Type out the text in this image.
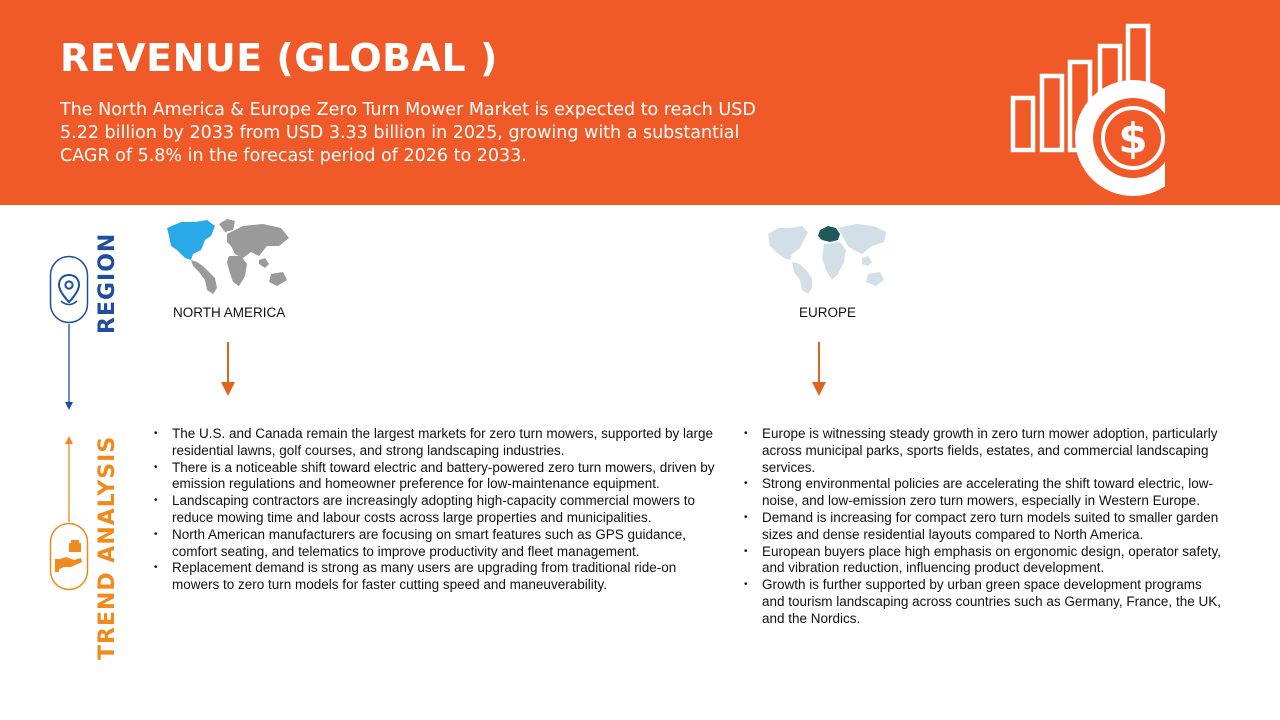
REVENUE (GLOBAL )
The North America & Europe Zero Turn Mower Market is expected to reach USD 5.22 billion by 2033 from USD 3.33 billion in 2025, growing with a substantial CAGR of 5.8% in the forecast period of 2026 to 2033.	$
REGION
TREND ANALYSIS
NORTH AMERICA	EUROPE
• The U.S. and Canada remain the largest markets for zero turn mowers, supported by large residential lawns, golf courses, and strong landscaping industries.
• There is a noticeable shift toward electric and battery-powered zero turn mowers, driven by emission regulations and homeowner preference for low-maintenance equipment.
• Landscaping contractors are increasingly adopting high-capacity commercial mowers to reduce mowing time and labour costs across large properties and municipalities.
• North American manufacturers are focusing on smart features such as GPS guidance, comfort seating, and telematics to improve productivity and fleet management.
• Replacement demand is strong as many users are upgrading from traditional ride-on mowers to zero turn models for faster cutting speed and maneuverability.
• Europe is witnessing steady growth in zero turn mower adoption, particularly across municipal parks, sports fields, estates, and commercial landscaping services.
• Strong environmental policies are accelerating the shift toward electric, low-noise, and low-emission zero turn mowers, especially in Western Europe.
• Demand is increasing for compact zero turn models suited to smaller garden sizes and dense residential layouts compared to North America.
• European buyers place high emphasis on ergonomic design, operator safety, and vibration reduction, influencing product development.
• Growth is further supported by urban green space development programs and tourism landscaping across countries such as Germany, France, the UK, and the Nordics.
